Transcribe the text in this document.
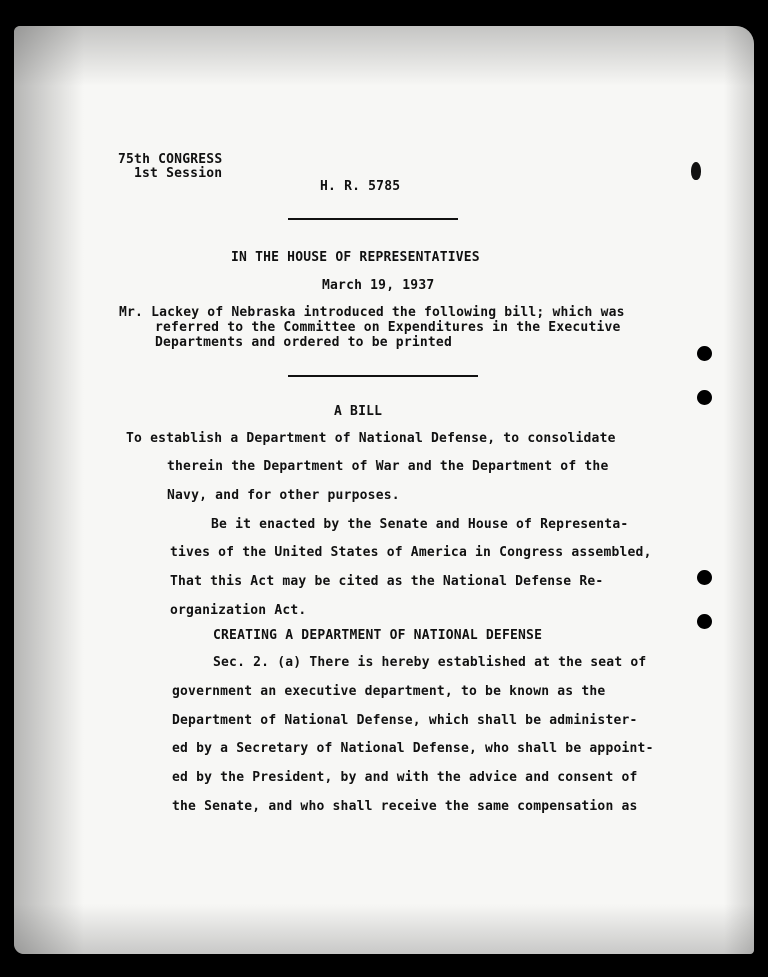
75th CONGRESS
1st Session
H. R. 5785
IN THE HOUSE OF REPRESENTATIVES
March 19, 1937
Mr. Lackey of Nebraska introduced the following bill; which was
referred to the Committee on Expenditures in the Executive
Departments and ordered to be printed
A BILL
To establish a Department of National Defense, to consolidate
therein the Department of War and the Department of the
Navy, and for other purposes.
Be it enacted by the Senate and House of Representa-
tives of the United States of America in Congress assembled,
That this Act may be cited as the National Defense Re-
organization Act.
CREATING A DEPARTMENT OF NATIONAL DEFENSE
Sec. 2. (a) There is hereby established at the seat of
government an executive department, to be known as the
Department of National Defense, which shall be administer-
ed by a Secretary of National Defense, who shall be appoint-
ed by the President, by and with the advice and consent of
the Senate, and who shall receive the same compensation as
